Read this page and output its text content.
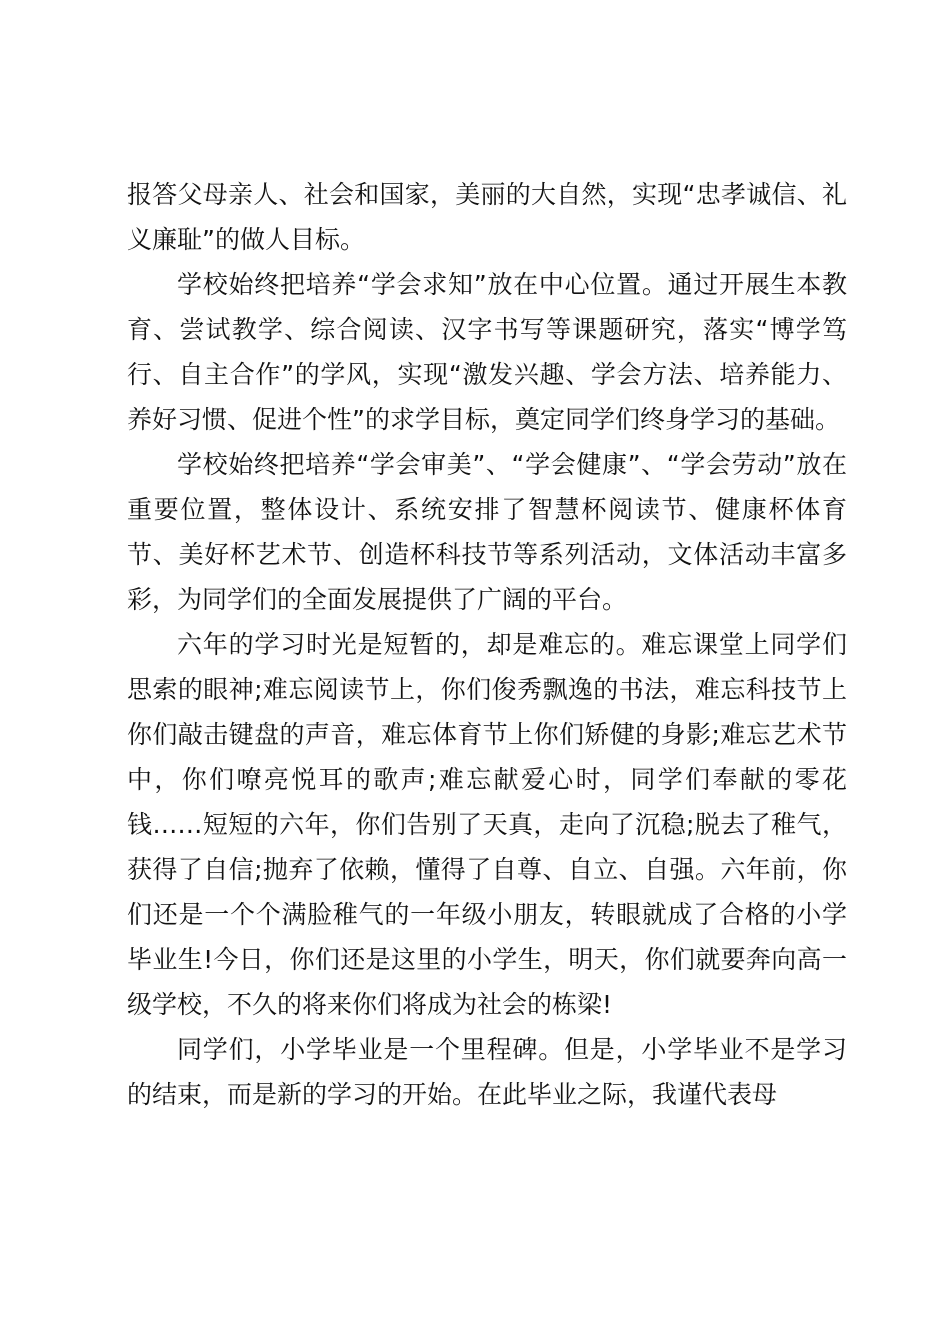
报答父母亲人、社会和国家，美丽的大自然，实现“忠孝诚信、礼义廉耻”的做人目标。

学校始终把培养“学会求知”放在中心位置。通过开展生本教育、尝试教学、综合阅读、汉字书写等课题研究，落实“博学笃行、自主合作”的学风，实现“激发兴趣、学会方法、培养能力、养好习惯、促进个性”的求学目标，奠定同学们终身学习的基础。

学校始终把培养“学会审美”、“学会健康”、“学会劳动”放在重要位置，整体设计、系统安排了智慧杯阅读节、健康杯体育节、美好杯艺术节、创造杯科技节等系列活动，文体活动丰富多彩，为同学们的全面发展提供了广阔的平台。

六年的学习时光是短暂的，却是难忘的。难忘课堂上同学们思索的眼神;难忘阅读节上，你们俊秀飘逸的书法，难忘科技节上你们敲击键盘的声音，难忘体育节上你们矫健的身影;难忘艺术节中，你们嘹亮悦耳的歌声;难忘献爱心时，同学们奉献的零花钱……短短的六年，你们告别了天真，走向了沉稳;脱去了稚气，获得了自信;抛弃了依赖，懂得了自尊、自立、自强。六年前，你们还是一个个满脸稚气的一年级小朋友，转眼就成了合格的小学毕业生!今日，你们还是这里的小学生，明天，你们就要奔向高一级学校，不久的将来你们将成为社会的栋梁!

同学们，小学毕业是一个里程碑。但是，小学毕业不是学习的结束，而是新的学习的开始。在此毕业之际，我谨代表母
